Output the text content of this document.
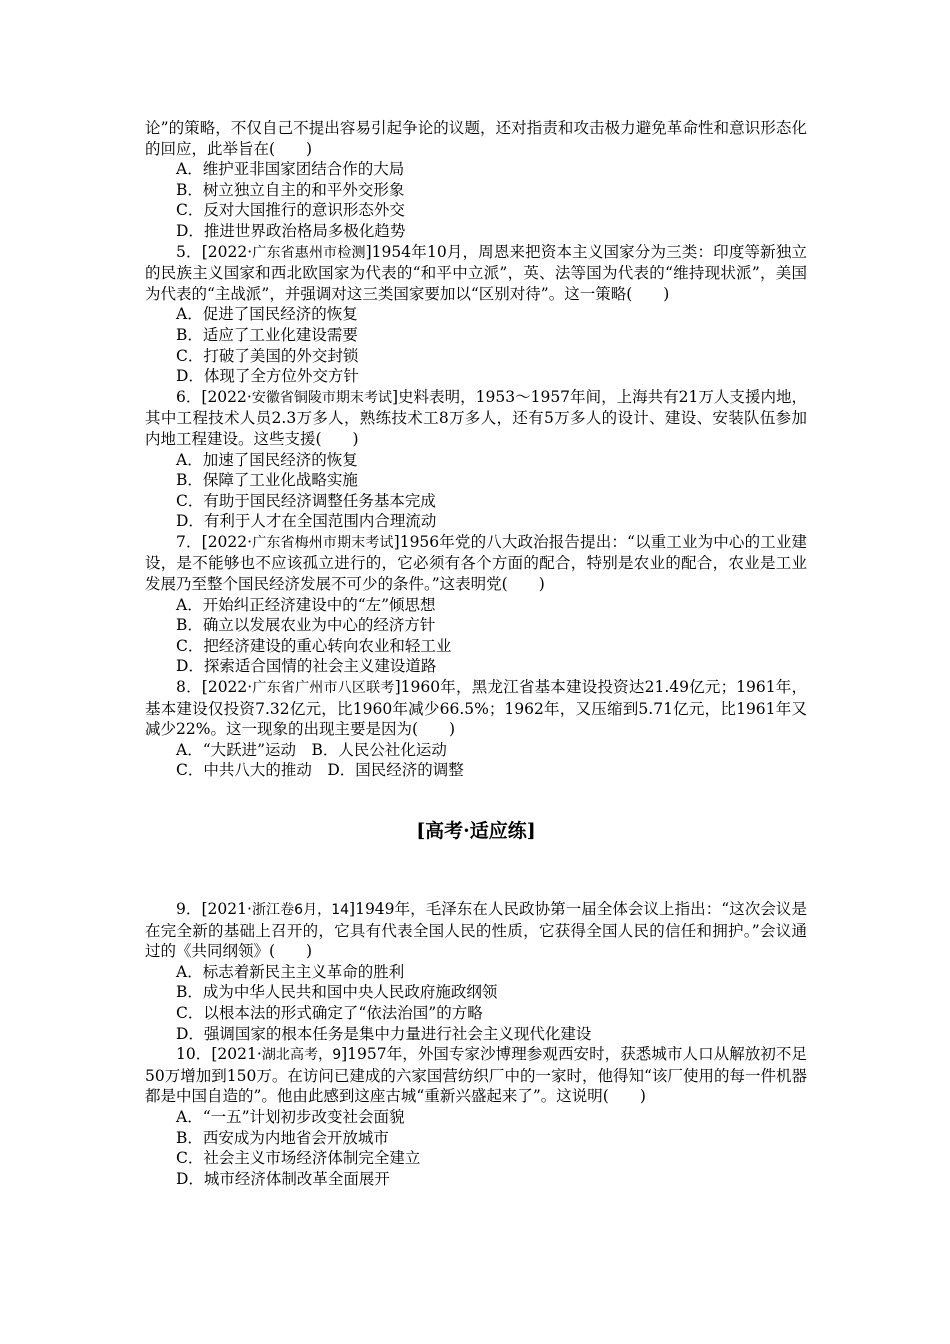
论”的策略，不仅自己不提出容易引起争论的议题，还对指责和攻击极力避免革命性和意识形态化的回应，此举旨在(　　)
A．维护亚非国家团结合作的大局
B．树立独立自主的和平外交形象
C．反对大国推行的意识形态外交
D．推进世界政治格局多极化趋势
5．[2022·广东省惠州市检测]1954年10月，周恩来把资本主义国家分为三类：印度等新独立的民族主义国家和西北欧国家为代表的“和平中立派”，英、法等国为代表的“维持现状派”，美国为代表的“主战派”，并强调对这三类国家要加以“区别对待”。这一策略(　　)
A．促进了国民经济的恢复
B．适应了工业化建设需要
C．打破了美国的外交封锁
D．体现了全方位外交方针
6．[2022·安徽省铜陵市期末考试]史料表明，1953～1957年间，上海共有21万人支援内地，其中工程技术人员2.3万多人，熟练技术工8万多人，还有5万多人的设计、建设、安装队伍参加内地工程建设。这些支援(　　)
A．加速了国民经济的恢复
B．保障了工业化战略实施
C．有助于国民经济调整任务基本完成
D．有利于人才在全国范围内合理流动
7．[2022·广东省梅州市期末考试]1956年党的八大政治报告提出：“以重工业为中心的工业建设，是不能够也不应该孤立进行的，它必须有各个方面的配合，特别是农业的配合，农业是工业发展乃至整个国民经济发展不可少的条件。”这表明党(　　)
A．开始纠正经济建设中的“左”倾思想
B．确立以发展农业为中心的经济方针
C．把经济建设的重心转向农业和轻工业
D．探索适合国情的社会主义建设道路
8．[2022·广东省广州市八区联考]1960年，黑龙江省基本建设投资达21.49亿元；1961年，基本建设仅投资7.32亿元，比1960年减少66.5%；1962年，又压缩到5.71亿元，比1961年又减少22%。这一现象的出现主要是因为(　　)
A．“大跃进”运动　B．人民公社化运动
C．中共八大的推动　D．国民经济的调整
[高考·适应练]
9．[2021·浙江卷6月，14]1949年，毛泽东在人民政协第一届全体会议上指出：“这次会议是在完全新的基础上召开的，它具有代表全国人民的性质，它获得全国人民的信任和拥护。”会议通过的《共同纲领》(　　)
A．标志着新民主主义革命的胜利
B．成为中华人民共和国中央人民政府施政纲领
C．以根本法的形式确定了“依法治国”的方略
D．强调国家的根本任务是集中力量进行社会主义现代化建设
10．[2021·湖北高考，9]1957年，外国专家沙博理参观西安时，获悉城市人口从解放初不足50万增加到150万。在访问已建成的六家国营纺织厂中的一家时，他得知“该厂使用的每一件机器都是中国自造的”。他由此感到这座古城“重新兴盛起来了”。这说明(　　)
A．“一五”计划初步改变社会面貌
B．西安成为内地省会开放城市
C．社会主义市场经济体制完全建立
D．城市经济体制改革全面展开
